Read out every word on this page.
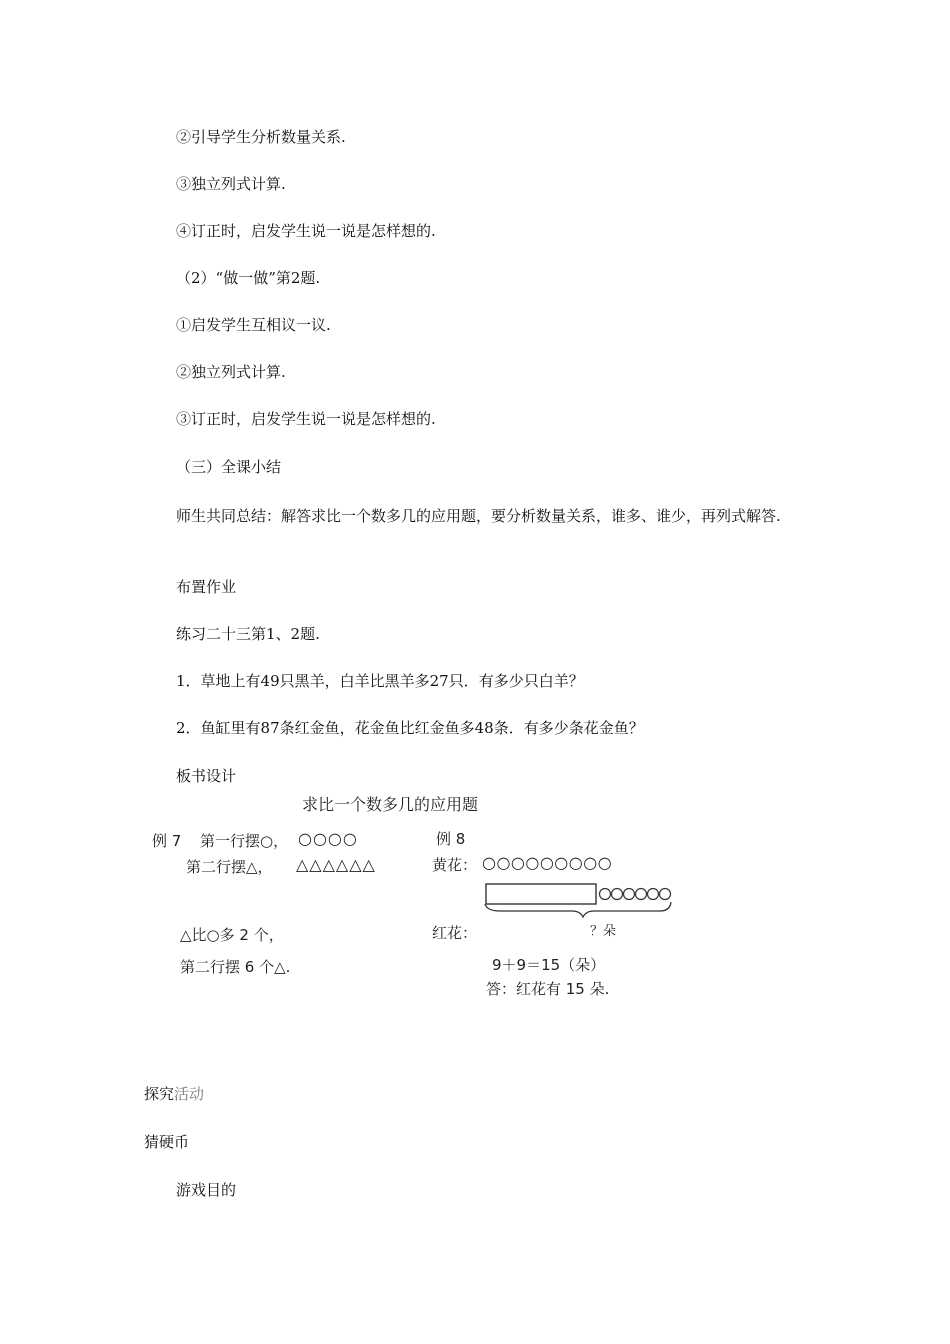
②引导学生分析数量关系.
③独立列式计算.
④订正时，启发学生说一说是怎样想的.
（2）“做一做”第2题.
①启发学生互相议一议.
②独立列式计算.
③订正时，启发学生说一说是怎样想的.
（三）全课小结
师生共同总结：解答求比一个数多几的应用题，要分析数量关系，谁多、谁少，再列式解答.
布置作业
练习二十三第1、2题.
1．草地上有49只黑羊，白羊比黑羊多27只．有多少只白羊？
2．鱼缸里有87条红金鱼，花金鱼比红金鱼多48条．有多少条花金鱼？
板书设计
求比一个数多几的应用题
例 7 第一行摆○， ○○○○
第二行摆△， △△△△△△
△比○多 2 个，
第二行摆 6 个△.
例 8
黄花： ○○○○○○○○○
红花：	？朵
9＋9＝15（朵）
答：红花有 15 朵.
探究活动
猜硬币
游戏目的
